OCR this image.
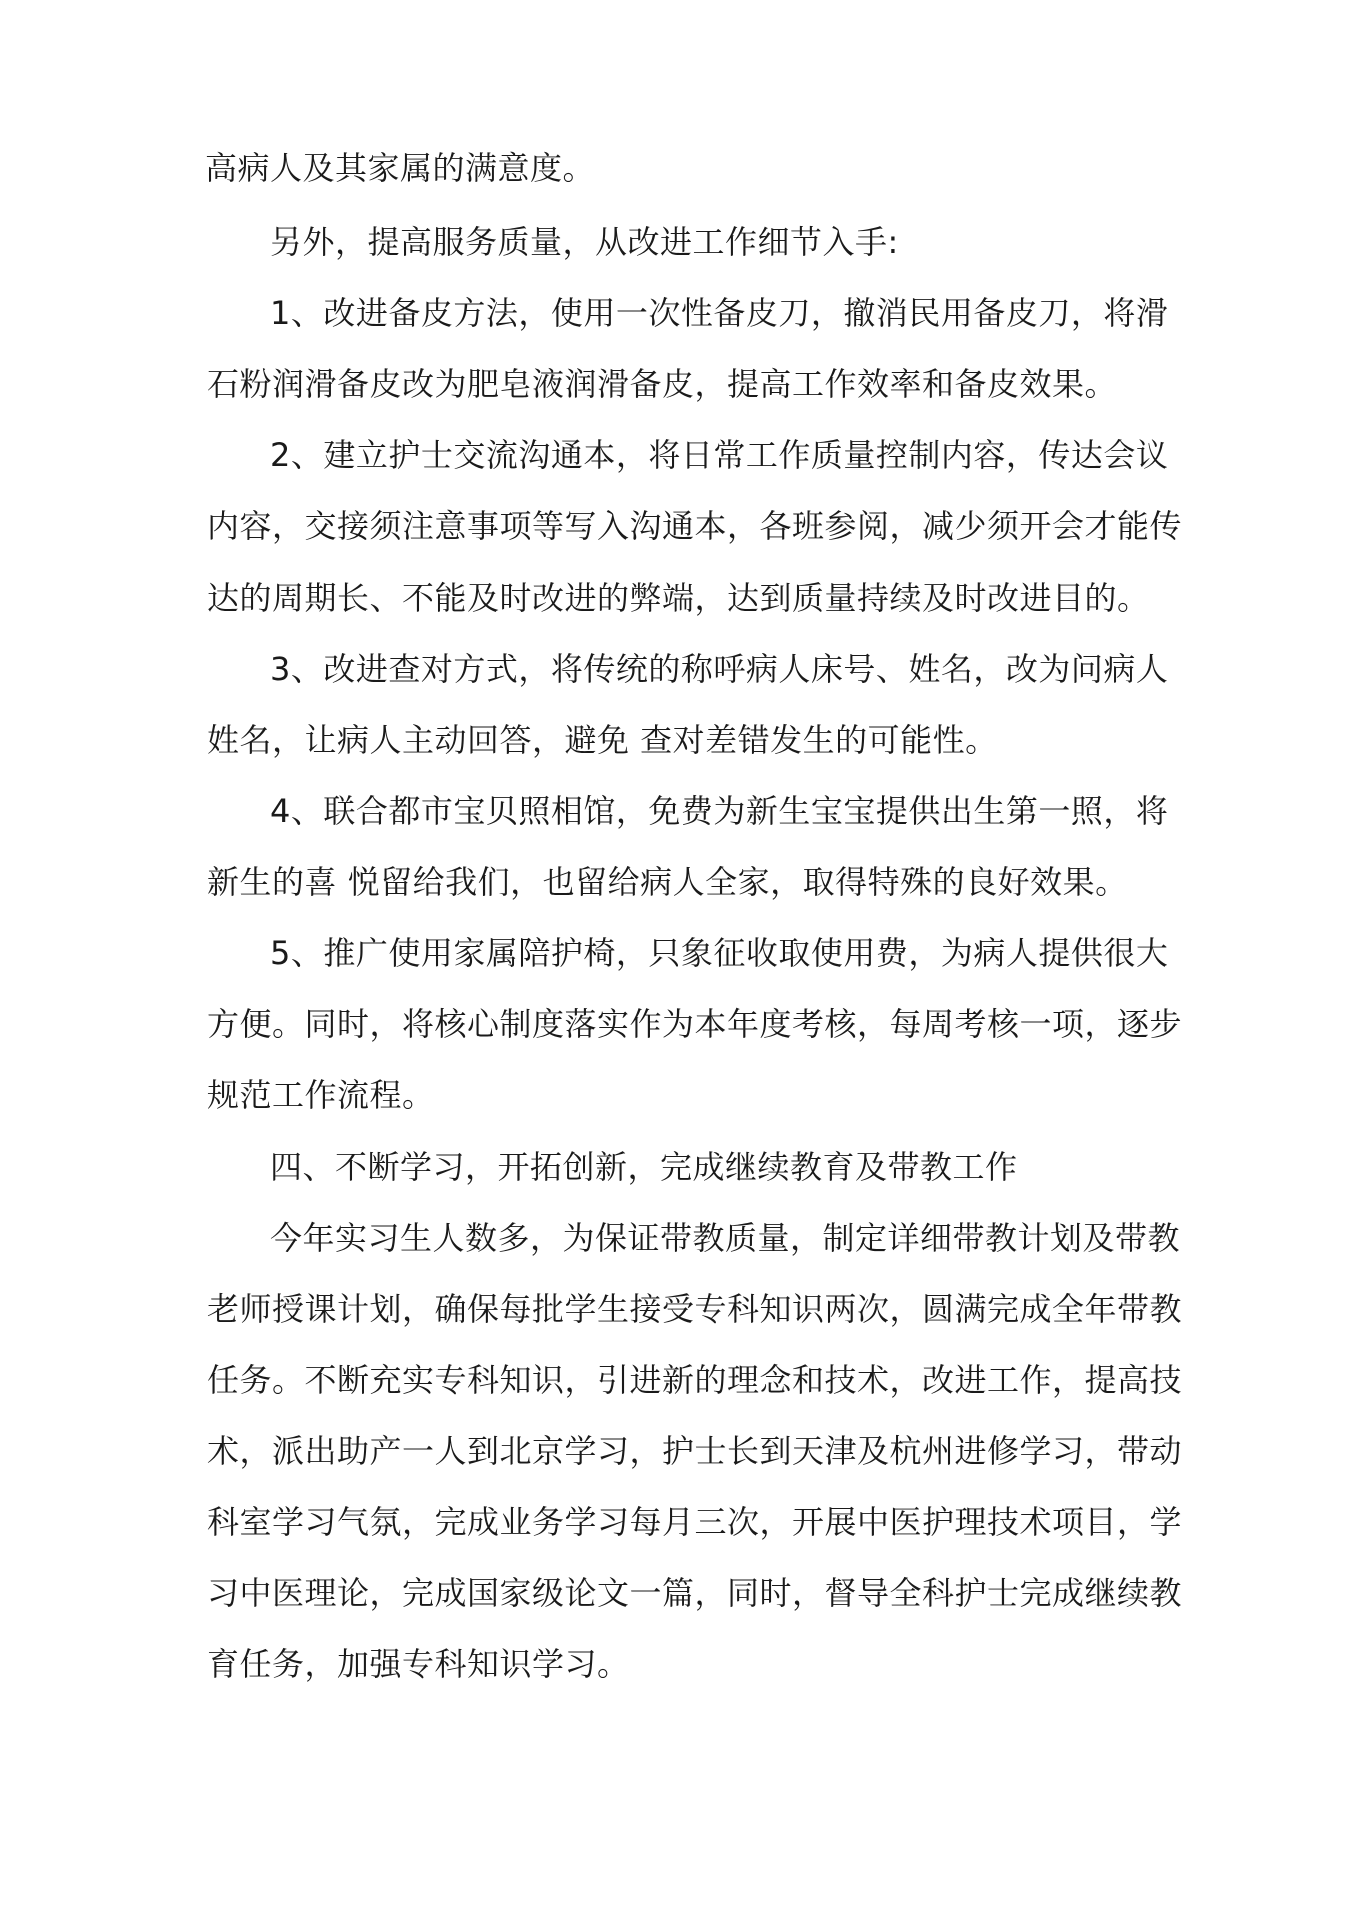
高病人及其家属的满意度。

另外，提高服务质量，从改进工作细节入手:

1、改进备皮方法，使用一次性备皮刀，撤消民用备皮刀，将滑

石粉润滑备皮改为肥皂液润滑备皮，提高工作效率和备皮效果。

2、建立护士交流沟通本，将日常工作质量控制内容，传达会议

内容，交接须注意事项等写入沟通本，各班参阅，减少须开会才能传

达的周期长、不能及时改进的弊端，达到质量持续及时改进目的。

3、改进查对方式，将传统的称呼病人床号、姓名，改为问病人

姓名，让病人主动回答，避免 查对差错发生的可能性。

4、联合都市宝贝照相馆，免费为新生宝宝提供出生第一照，将

新生的喜 悦留给我们，也留给病人全家，取得特殊的良好效果。

5、推广使用家属陪护椅，只象征收取使用费，为病人提供很大

方便。同时，将核心制度落实作为本年度考核，每周考核一项，逐步

规范工作流程。

四、不断学习，开拓创新，完成继续教育及带教工作

今年实习生人数多，为保证带教质量，制定详细带教计划及带教

老师授课计划，确保每批学生接受专科知识两次，圆满完成全年带教

任务。不断充实专科知识，引进新的理念和技术，改进工作，提高技

术，派出助产一人到北京学习，护士长到天津及杭州进修学习，带动

科室学习气氛，完成业务学习每月三次，开展中医护理技术项目，学

习中医理论，完成国家级论文一篇，同时，督导全科护士完成继续教

育任务，加强专科知识学习。
